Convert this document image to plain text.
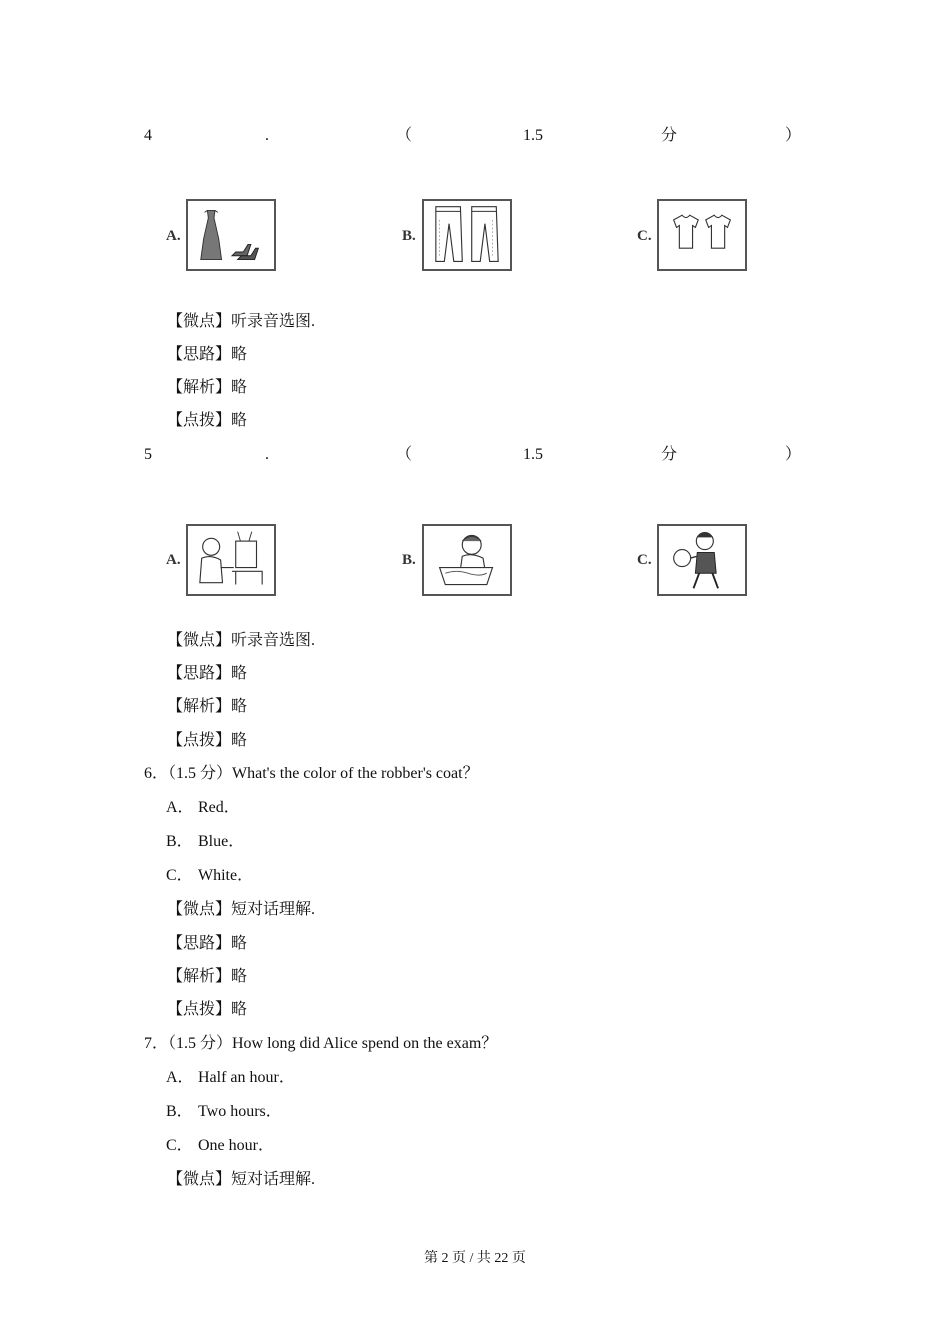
4	.	（	1.5	分	）
A.	B.	C.
【微点】听录音选图.
【思路】略
【解析】略
【点拨】略
5	.	（	1.5	分	）
A.	B.	C.
【微点】听录音选图.
【思路】略
【解析】略
【点拨】略
6．（1.5 分）What's the color of the robber's coat？
A． Red．
B． Blue．
C． White．
【微点】短对话理解.
【思路】略
【解析】略
【点拨】略
7．（1.5 分）How long did Alice spend on the exam？
A． Half an hour．
B． Two hours．
C． One hour．
【微点】短对话理解.
第 2 页 / 共 22 页
